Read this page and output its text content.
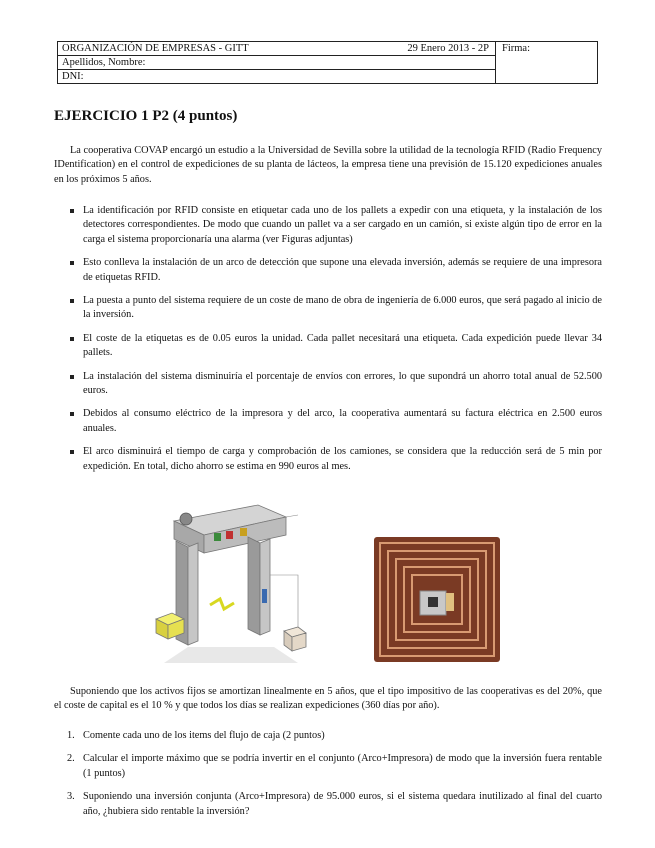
ORGANIZACIÓN DE EMPRESAS - GITT	29 Enero 2013 - 2P
Apellidos, Nombre:
DNI:
Firma:
EJERCICIO 1 P2 (4 puntos)

La cooperativa COVAP encargó un estudio a la Universidad de Sevilla sobre la utilidad de la tecnología RFID (Radio Frequency IDentification) en el control de expediciones de su planta de lácteos, la empresa tiene una previsión de 15.120 expediciones anuales en los próximos 5 años.

La identificación por RFID consiste en etiquetar cada uno de los pallets a expedir con una etiqueta, y la instalación de los detectores correspondientes. De modo que cuando un pallet va a ser cargado en un camión, si existe algún tipo de error en la carga el sistema proporcionaría una alarma (ver Figuras adjuntas)
Esto conlleva la instalación de un arco de detección que supone una elevada inversión, además se requiere de una impresora de etiquetas RFID.
La puesta a punto del sistema requiere de un coste de mano de obra de ingeniería de 6.000 euros, que será pagado al inicio de la inversión.
El coste de la etiquetas es de 0.05 euros la unidad. Cada pallet necesitará una etiqueta. Cada expedición puede llevar 34 pallets.
La instalación del sistema disminuiría el porcentaje de envíos con errores, lo que supondrá un ahorro total anual de 52.500 euros.
Debidos al consumo eléctrico de la impresora y del arco, la cooperativa aumentará su factura eléctrica en 2.500 euros anuales.
El arco disminuirá el tiempo de carga y comprobación de los camiones, se considera que la reducción será de 5 min por expedición. En total, dicho ahorro se estima en 990 euros al mes.

Suponiendo que los activos fijos se amortizan linealmente en 5 años, que el tipo impositivo de las cooperativas es del 20%, que el coste de capital es el 10 % y que todos los días se realizan expediciones (360 días por año).

1. Comente cada uno de los items del flujo de caja (2 puntos)
2. Calcular el importe máximo que se podría invertir en el conjunto (Arco+Impresora) de modo que la inversión fuera rentable (1 puntos)
3. Suponiendo una inversión conjunta (Arco+Impresora) de 95.000 euros, si el sistema quedara inutilizado al final del cuarto año, ¿hubiera sido rentable la inversión?
